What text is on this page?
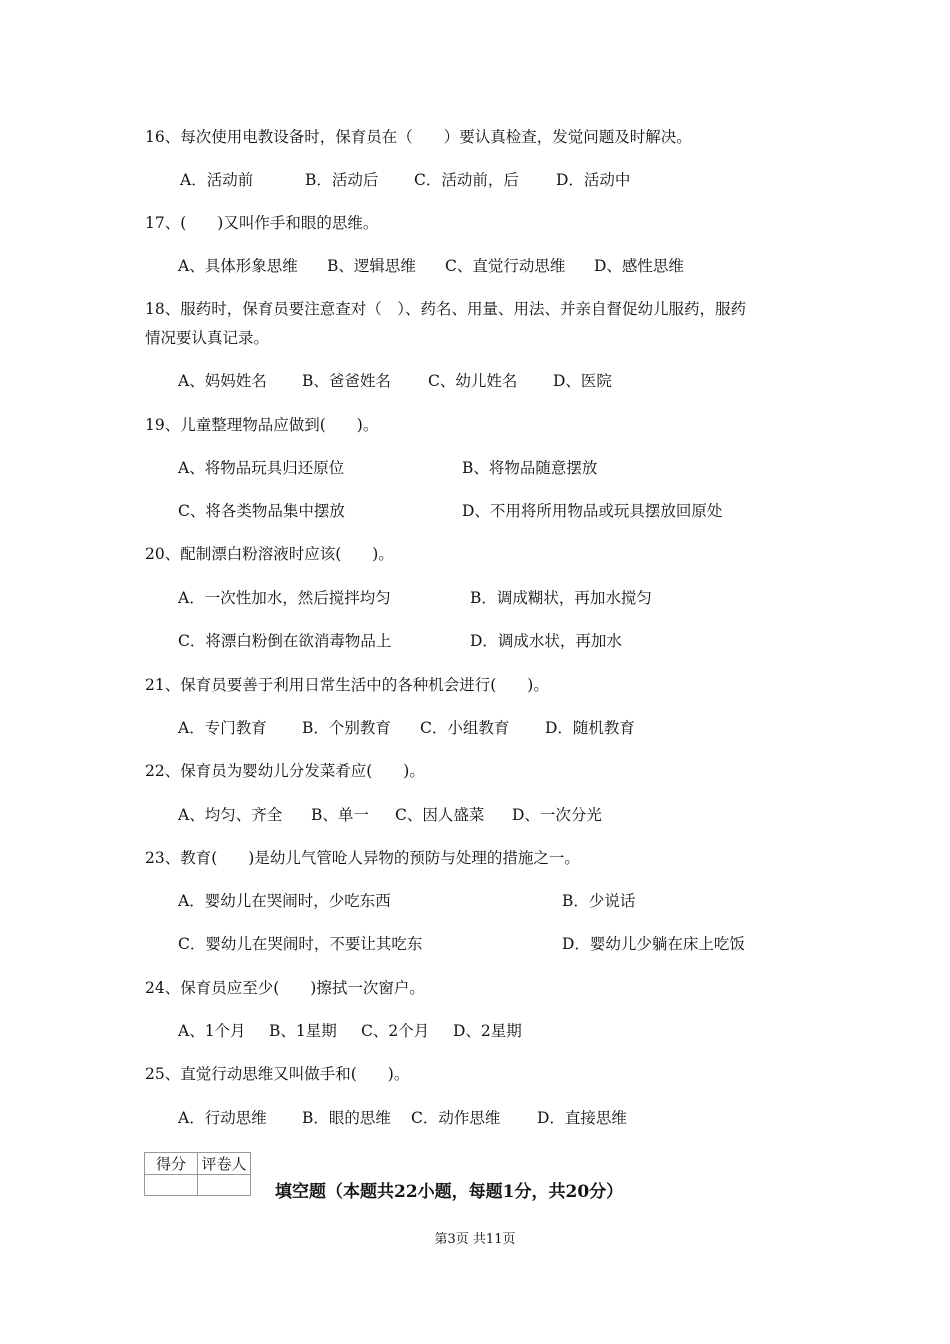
16、每次使用电教设备时，保育员在（　　）要认真检查，发觉问题及时解决。
A．活动前	B．活动后 C．活动前，后 D．活动中
17、(　　)又叫作手和眼的思维。
A、具体形象思维 B、逻辑思维 C、直觉行动思维 D、感性思维
18、服药时，保育员要注意查对（　）、药名、用量、用法、并亲自督促幼儿服药，服药
情况要认真记录。
A、妈妈姓名 B、爸爸姓名 C、幼儿姓名 D、医院
19、儿童整理物品应做到(　　)。
A、将物品玩具归还原位	B、将物品随意摆放
C、将各类物品集中摆放	D、不用将所用物品或玩具摆放回原处
20、配制漂白粉溶液时应该(　　)。
A．一次性加水，然后搅拌均匀	B．调成糊状，再加水搅匀
C．将漂白粉倒在欲消毒物品上	D．调成水状，再加水
21、保育员要善于利用日常生活中的各种机会进行(　　)。
A．专门教育 B．个别教育 C．小组教育 D．随机教育
22、保育员为婴幼儿分发菜肴应(　　)。
A、均匀、齐全 B、单一 C、因人盛菜 D、一次分光
23、教育(　　)是幼儿气管呛人异物的预防与处理的措施之一。
A．婴幼儿在哭闹时，少吃东西	B．少说话
C．婴幼儿在哭闹时，不要让其吃东	D．婴幼儿少躺在床上吃饭
24、保育员应至少(　　)擦拭一次窗户。
A、1个月 B、1星期 C、2个月 D、2星期
25、直觉行动思维又叫做手和(　　)。
A．行动思维 B．眼的思维 C．动作思维 D．直接思维
得分	评卷人

填空题（本题共22小题，每题1分，共20分）
第3页 共11页
